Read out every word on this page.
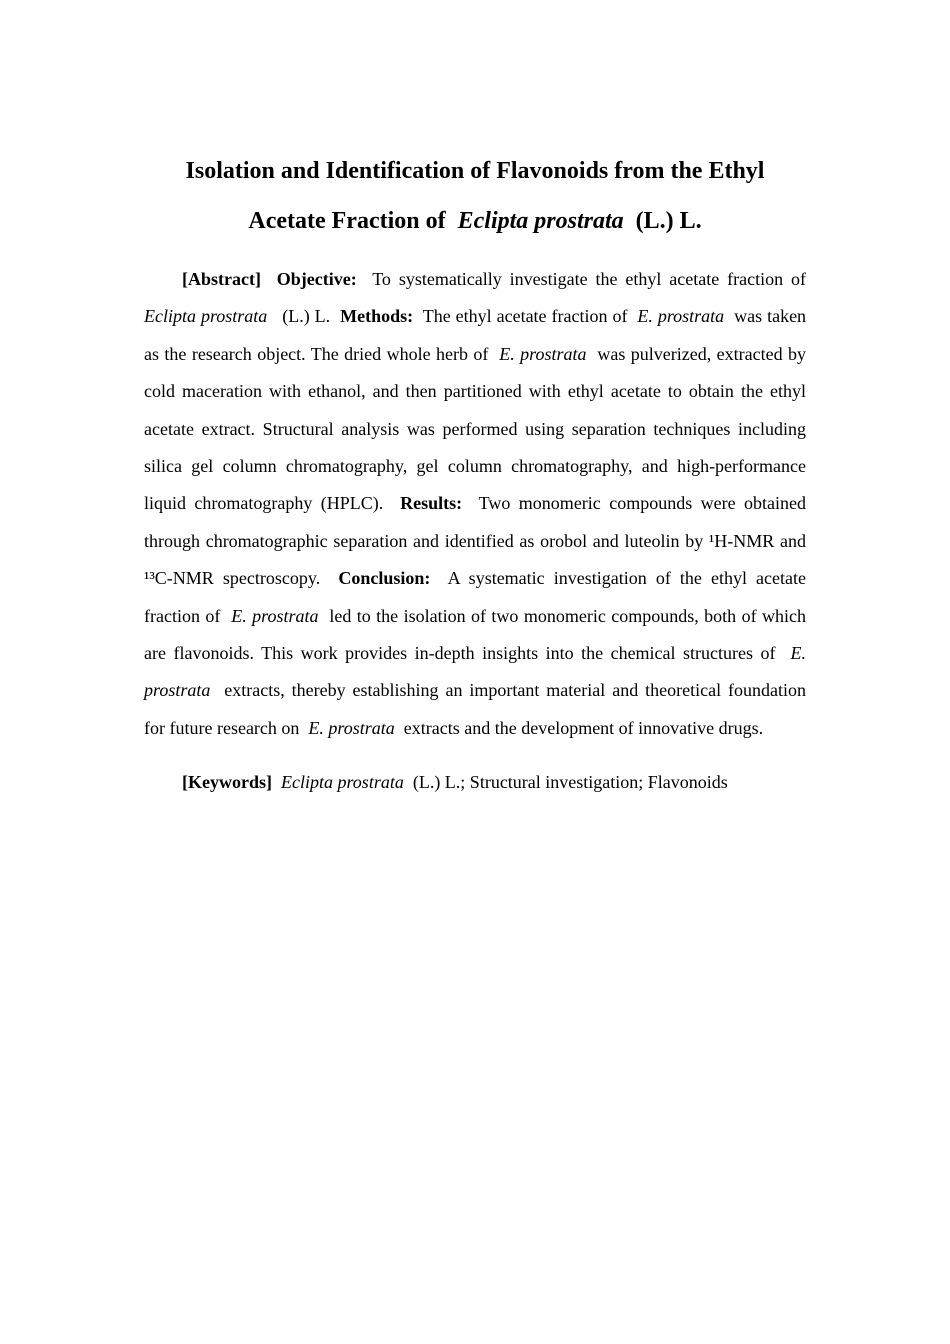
Isolation and Identification of Flavonoids from the Ethyl
Acetate Fraction of Eclipta prostrata (L.) L.

[Abstract] Objective: To systematically investigate the ethyl acetate fraction of Eclipta prostrata (L.) L. Methods: The ethyl acetate fraction of E. prostrata was taken as the research object. The dried whole herb of E. prostrata was pulverized, extracted by cold maceration with ethanol, and then partitioned with ethyl acetate to obtain the ethyl acetate extract. Structural analysis was performed using separation techniques including silica gel column chromatography, gel column chromatography, and high-performance liquid chromatography (HPLC). Results: Two monomeric compounds were obtained through chromatographic separation and identified as orobol and luteolin by ¹H-NMR and ¹³C-NMR spectroscopy. Conclusion: A systematic investigation of the ethyl acetate fraction of E. prostrata led to the isolation of two monomeric compounds, both of which are flavonoids. This work provides in-depth insights into the chemical structures of E. prostrata extracts, thereby establishing an important material and theoretical foundation for future research on E. prostrata extracts and the development of innovative drugs.

[Keywords] Eclipta prostrata (L.) L.; Structural investigation; Flavonoids
